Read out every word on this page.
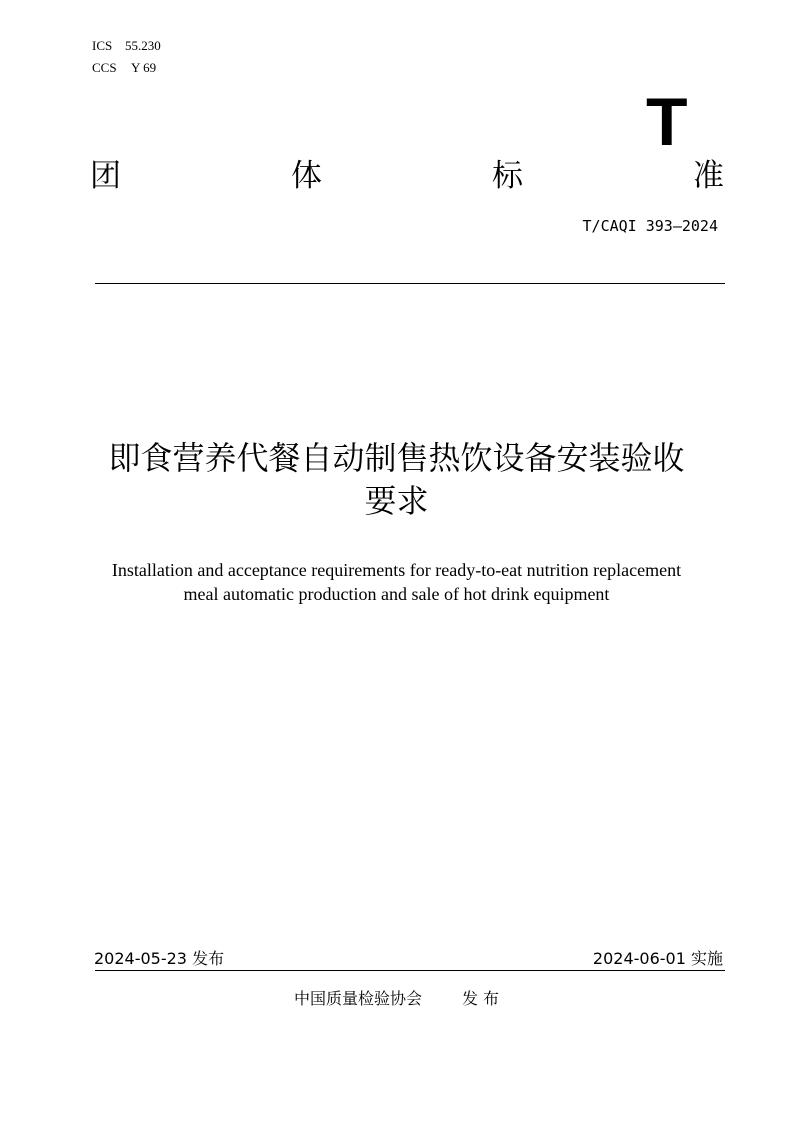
ICS 55.230
CCS Y 69
T
团	体	标	准
T/CAQI 393—2024
即食营养代餐自动制售热饮设备安装验收
要求
Installation and acceptance requirements for ready-to-eat nutrition replacement
meal automatic production and sale of hot drink equipment
2024-05-23 发布	2024-06-01 实施
中国质量检验协会	发 布
